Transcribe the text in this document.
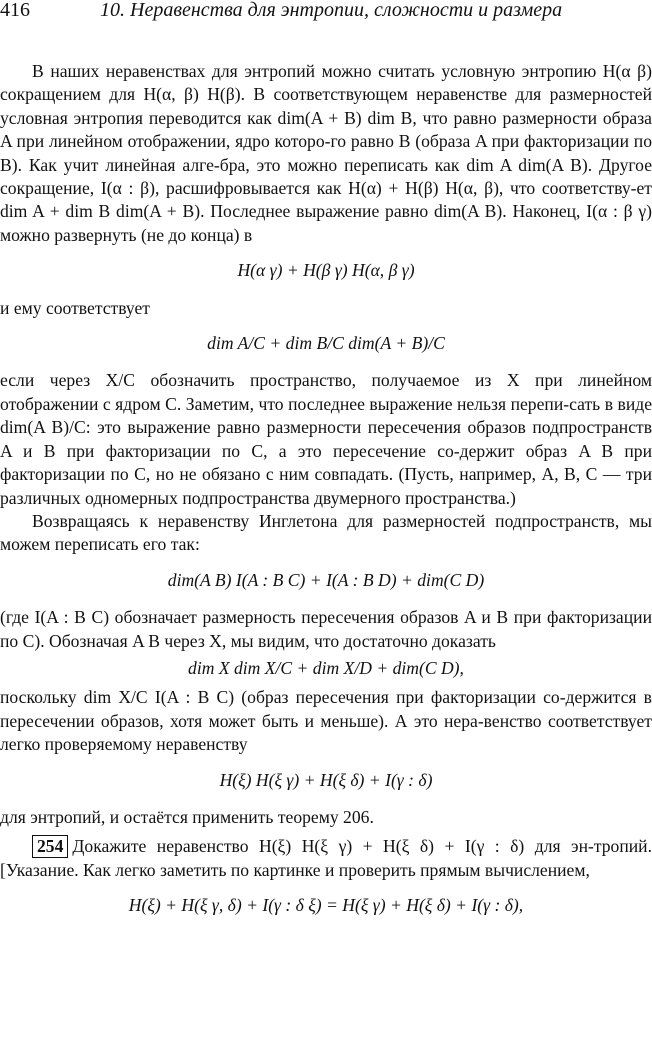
416	10. Неравенства для энтропии, сложности и размера

В наших неравенствах для энтропий можно считать условную энтропию H(α β) сокращением для H(α, β) H(β). В соответствующем неравенстве для размерностей условная энтропия переводится как dim(A + B) dim B, что равно размерности образа A при линейном отображении, ядро которо-го равно B (образа A при факторизации по B). Как учит линейная алге-бра, это можно переписать как dim A dim(A B). Другое сокращение, I(α : β), расшифровывается как H(α) + H(β) H(α, β), что соответству-ет dim A + dim B dim(A + B). Последнее выражение равно dim(A B). Наконец, I(α : β γ) можно развернуть (не до конца) в

H(α γ) + H(β γ) H(α, β γ)

и ему соответствует

dim A/C + dim B/C dim(A + B)/C

если через X/C обозначить пространство, получаемое из X при линейном отображении с ядром C. Заметим, что последнее выражение нельзя перепи-сать в виде dim(A B)/C: это выражение равно размерности пересечения образов подпространств A и B при факторизации по C, а это пересечение со-держит образ A B при факторизации по C, но не обязано с ним совпадать. (Пусть, например, A, B, C — три различных одномерных подпространства двумерного пространства.)

Возвращаясь к неравенству Инглетона для размерностей подпространств, мы можем переписать его так:

dim(A B) I(A : B C) + I(A : B D) + dim(C D)

(где I(A : B C) обозначает размерность пересечения образов A и B при факторизации по C). Обозначая A B через X, мы видим, что достаточно доказать

dim X dim X/C + dim X/D + dim(C D),

поскольку dim X/C I(A : B C) (образ пересечения при факторизации со-держится в пересечении образов, хотя может быть и меньше). А это нера-венство соответствует легко проверяемому неравенству

H(ξ) H(ξ γ) + H(ξ δ) + I(γ : δ)

для энтропий, и остаётся применить теорему 206.

254 Докажите неравенство H(ξ) H(ξ γ) + H(ξ δ) + I(γ : δ) для эн-тропий. [Указание. Как легко заметить по картинке и проверить прямым вычислением,

H(ξ) + H(ξ γ, δ) + I(γ : δ ξ) = H(ξ γ) + H(ξ δ) + I(γ : δ),
